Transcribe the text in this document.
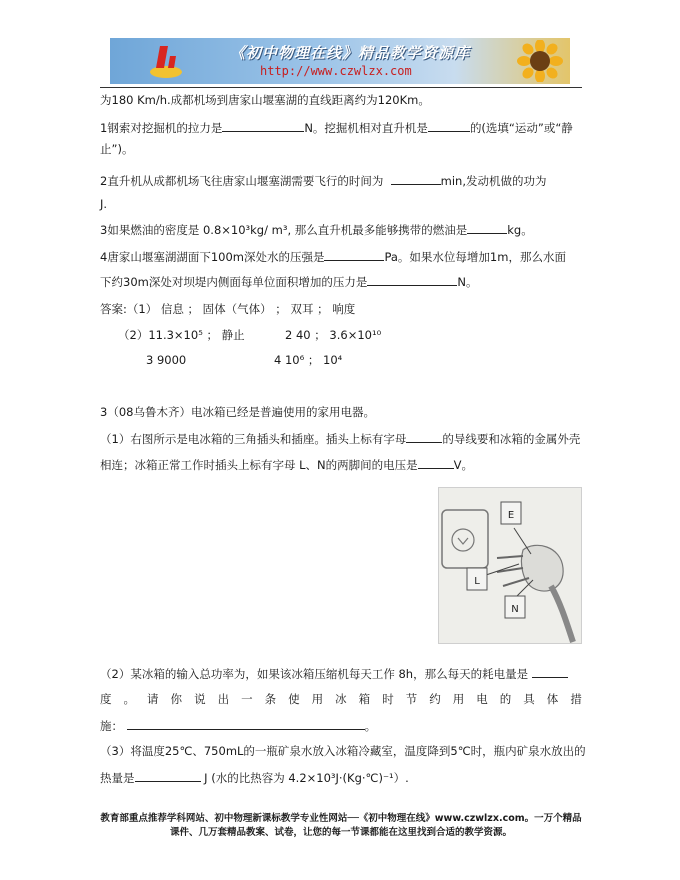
《初中物理在线》精品教学资源库
http://www.czwlzx.com
为180 Km/h.成都机场到唐家山堰塞湖的直线距离约为120Km。
1钢索对挖掘机的拉力是	N。挖掘机相对直升机是	的(选填“运动”或“静
止”)。
2直升机从成都机场飞往唐家山堰塞湖需要飞行的时间为	min,发动机做的功为
J.
3如果燃油的密度是 0.8×10³kg/ m³, 那么直升机最多能够携带的燃油是	kg。
4唐家山堰塞湖湖面下100m深处水的压强是	Pa。如果水位每增加1m，那么水面
下约30m深处对坝堤内侧面每单位面积增加的压力是	N。
答案:（1） 信息 ； 固体（气体） ； 双耳 ； 响度
（2）11.3×10⁵ ； 静止	2 40 ； 3.6×10¹⁰
3 9000	4 10⁶ ； 10⁴
3（08乌鲁木齐）电冰箱已经是普遍使用的家用电器。
（1）右图所示是电冰箱的三角插头和插座。插头上标有字母	的导线要和冰箱的金属外壳
相连；冰箱正常工作时插头上标有字母 L、N的两脚间的电压是	V。
E
L
N
（2）某冰箱的输入总功率为，如果该冰箱压缩机每天工作 8h，那么每天的耗电量是
度 。 请 你 说 出 一 条 使 用 冰 箱 时 节 约 用 电 的 具 体 措
施：	。
（3）将温度25℃、750mL的一瓶矿泉水放入冰箱冷藏室，温度降到5℃时，瓶内矿泉水放出的
热量是	J (水的比热容为 4.2×10³J·(Kg·℃)⁻¹）.
教育部重点推荐学科网站、初中物理新课标教学专业性网站──《初中物理在线》www.czwlzx.com。一万个精品
课件、几万套精品教案、试卷，让您的每一节课都能在这里找到合适的教学资源。
